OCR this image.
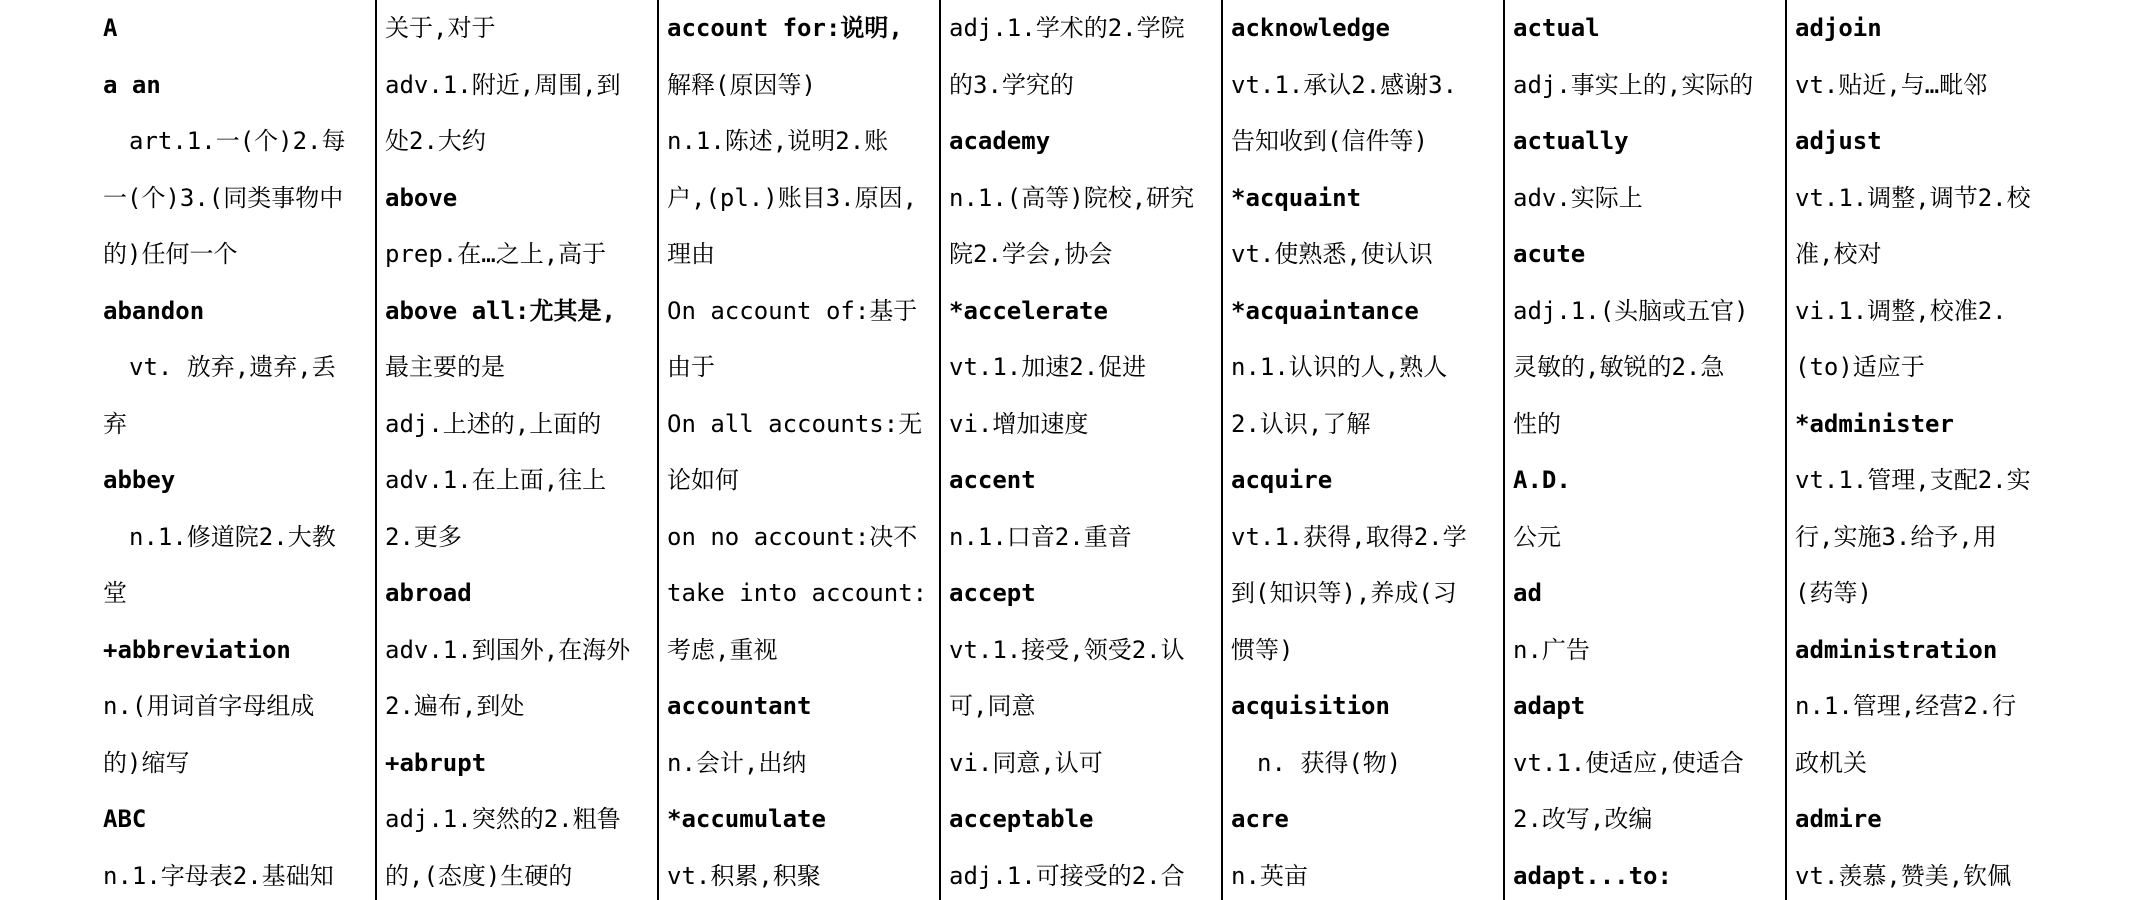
A
a an
art.1.一(个)2.每
一(个)3.(同类事物中
的)任何一个
abandon
vt. 放弃,遗弃,丢
弃
abbey
n.1.修道院2.大教
堂
+abbreviation
n.(用词首字母组成
的)缩写
ABC
n.1.字母表2.基础知
关于,对于
adv.1.附近,周围,到
处2.大约
above
prep.在…之上,高于
above all:尤其是,
最主要的是
adj.上述的,上面的
adv.1.在上面,往上
2.更多
abroad
adv.1.到国外,在海外
2.遍布,到处
+abrupt
adj.1.突然的2.粗鲁
的,(态度)生硬的
account for:说明,
解释(原因等)
n.1.陈述,说明2.账
户,(pl.)账目3.原因,
理由
On account of:基于
由于
On all accounts:无
论如何
on no account:决不
take into account:
考虑,重视
accountant
n.会计,出纳
*accumulate
vt.积累,积聚
adj.1.学术的2.学院
的3.学究的
academy
n.1.(高等)院校,研究
院2.学会,协会
*accelerate
vt.1.加速2.促进
vi.增加速度
accent
n.1.口音2.重音
accept
vt.1.接受,领受2.认
可,同意
vi.同意,认可
acceptable
adj.1.可接受的2.合
acknowledge
vt.1.承认2.感谢3.
告知收到(信件等)
*acquaint
vt.使熟悉,使认识
*acquaintance
n.1.认识的人,熟人
2.认识,了解
acquire
vt.1.获得,取得2.学
到(知识等),养成(习
惯等)
acquisition
n. 获得(物)
acre
n.英亩
actual
adj.事实上的,实际的
actually
adv.实际上
acute
adj.1.(头脑或五官)
灵敏的,敏锐的2.急
性的
A.D.
公元
ad
n.广告
adapt
vt.1.使适应,使适合
2.改写,改编
adapt...to:
adjoin
vt.贴近,与…毗邻
adjust
vt.1.调整,调节2.校
准,校对
vi.1.调整,校准2.
(to)适应于
*administer
vt.1.管理,支配2.实
行,实施3.给予,用
(药等)
administration
n.1.管理,经营2.行
政机关
admire
vt.羡慕,赞美,钦佩
